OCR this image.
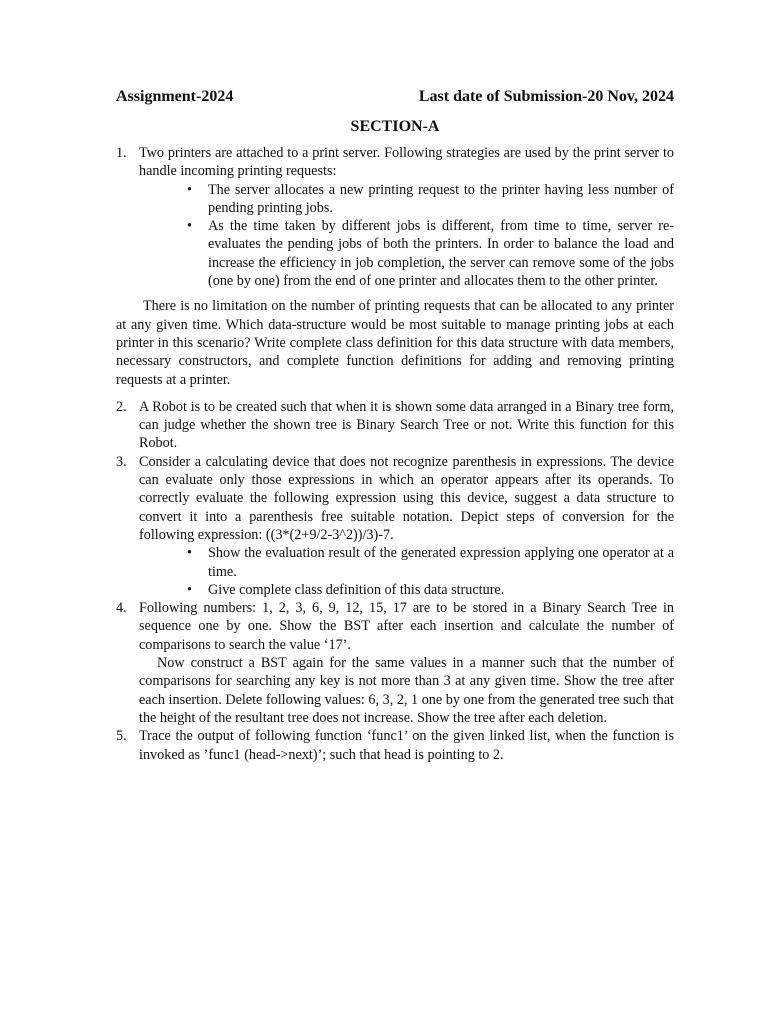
Assignment-2024	Last date of Submission-20 Nov, 2024
SECTION-A
1. Two printers are attached to a print server. Following strategies are used by the print server to handle incoming printing requests:
• The server allocates a new printing request to the printer having less number of pending printing jobs.
• As the time taken by different jobs is different, from time to time, server re-evaluates the pending jobs of both the printers. In order to balance the load and increase the efficiency in job completion, the server can remove some of the jobs (one by one) from the end of one printer and allocates them to the other printer.
There is no limitation on the number of printing requests that can be allocated to any printer at any given time. Which data-structure would be most suitable to manage printing jobs at each printer in this scenario? Write complete class definition for this data structure with data members, necessary constructors, and complete function definitions for adding and removing printing requests at a printer.
2. A Robot is to be created such that when it is shown some data arranged in a Binary tree form, can judge whether the shown tree is Binary Search Tree or not. Write this function for this Robot.
3. Consider a calculating device that does not recognize parenthesis in expressions. The device can evaluate only those expressions in which an operator appears after its operands. To correctly evaluate the following expression using this device, suggest a data structure to convert it into a parenthesis free suitable notation. Depict steps of conversion for the following expression: ((3*(2+9/2-3^2))/3)-7.
• Show the evaluation result of the generated expression applying one operator at a time.
• Give complete class definition of this data structure.
4. Following numbers: 1, 2, 3, 6, 9, 12, 15, 17 are to be stored in a Binary Search Tree in sequence one by one. Show the BST after each insertion and calculate the number of comparisons to search the value ‘17’.
Now construct a BST again for the same values in a manner such that the number of comparisons for searching any key is not more than 3 at any given time. Show the tree after each insertion. Delete following values: 6, 3, 2, 1 one by one from the generated tree such that the height of the resultant tree does not increase. Show the tree after each deletion.
5. Trace the output of following function ‘func1’ on the given linked list, when the function is invoked as ’func1 (head->next)’; such that head is pointing to 2.
